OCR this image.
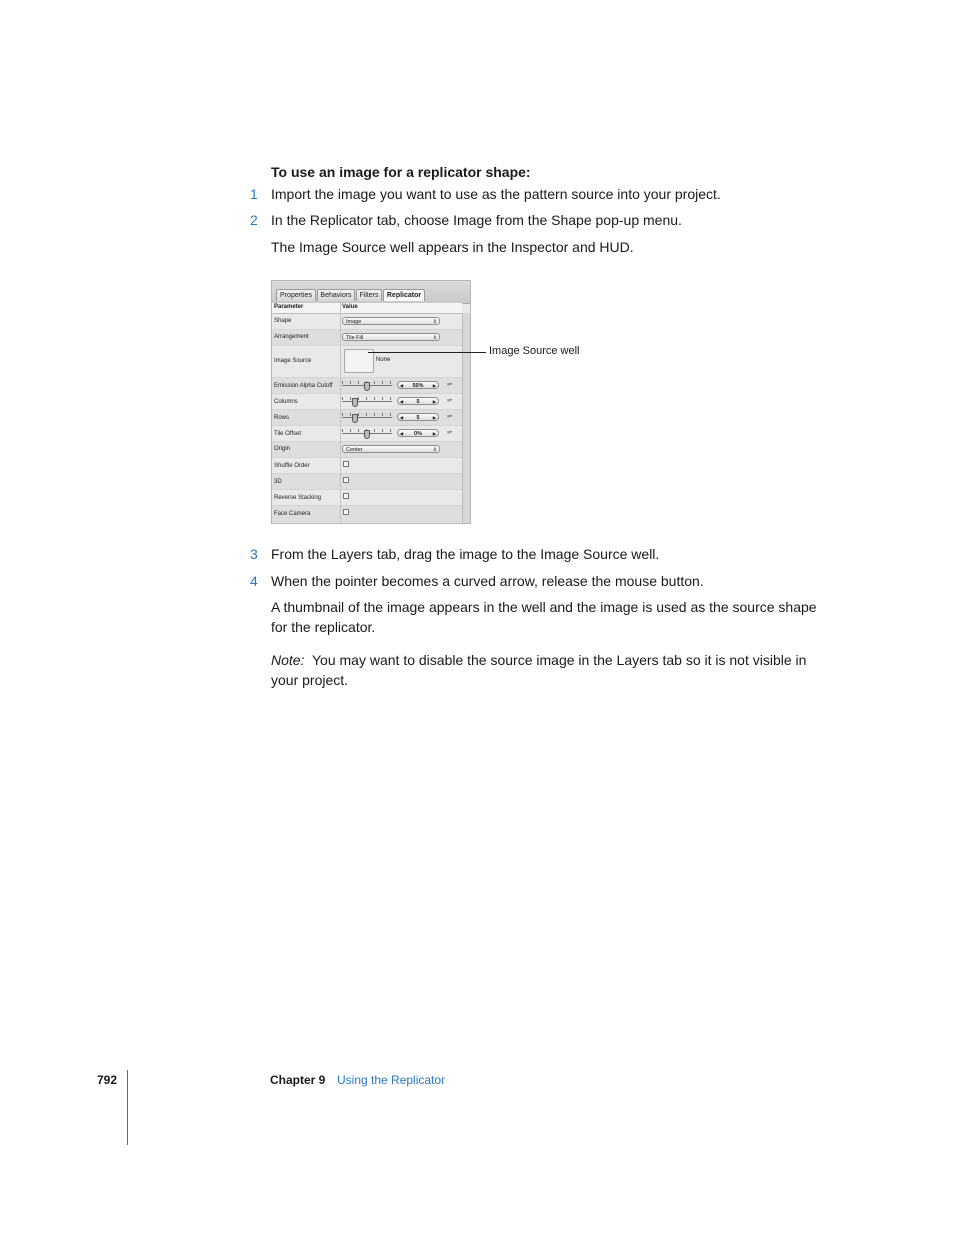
To use an image for a replicator shape:
1 Import the image you want to use as the pattern source into your project.
2 In the Replicator tab, choose Image from the Shape pop-up menu.
The Image Source well appears in the Inspector and HUD.
Properties	Behaviors	Filters	Replicator
Parameter	Value
Shape	Image	⇕
Arrangement	Tile Fill	⇕
Image Source	None
Emission Alpha Cutoff	◀ 50% ▶ ⇌
Columns	◀ 5	▶ ⇌
Rows	◀ 5	▶ ⇌
Tile Offset	◀ 0%	▶ ⇌
Origin	Center	⇕
Shuffle Order
3D
Reverse Stacking
Face Camera
Image Source well
3 From the Layers tab, drag the image to the Image Source well.
4 When the pointer becomes a curved arrow, release the mouse button.
A thumbnail of the image appears in the well and the image is used as the source shape for the replicator.
Note: You may want to disable the source image in the Layers tab so it is not visible in your project.
792	Chapter 9 Using the Replicator
